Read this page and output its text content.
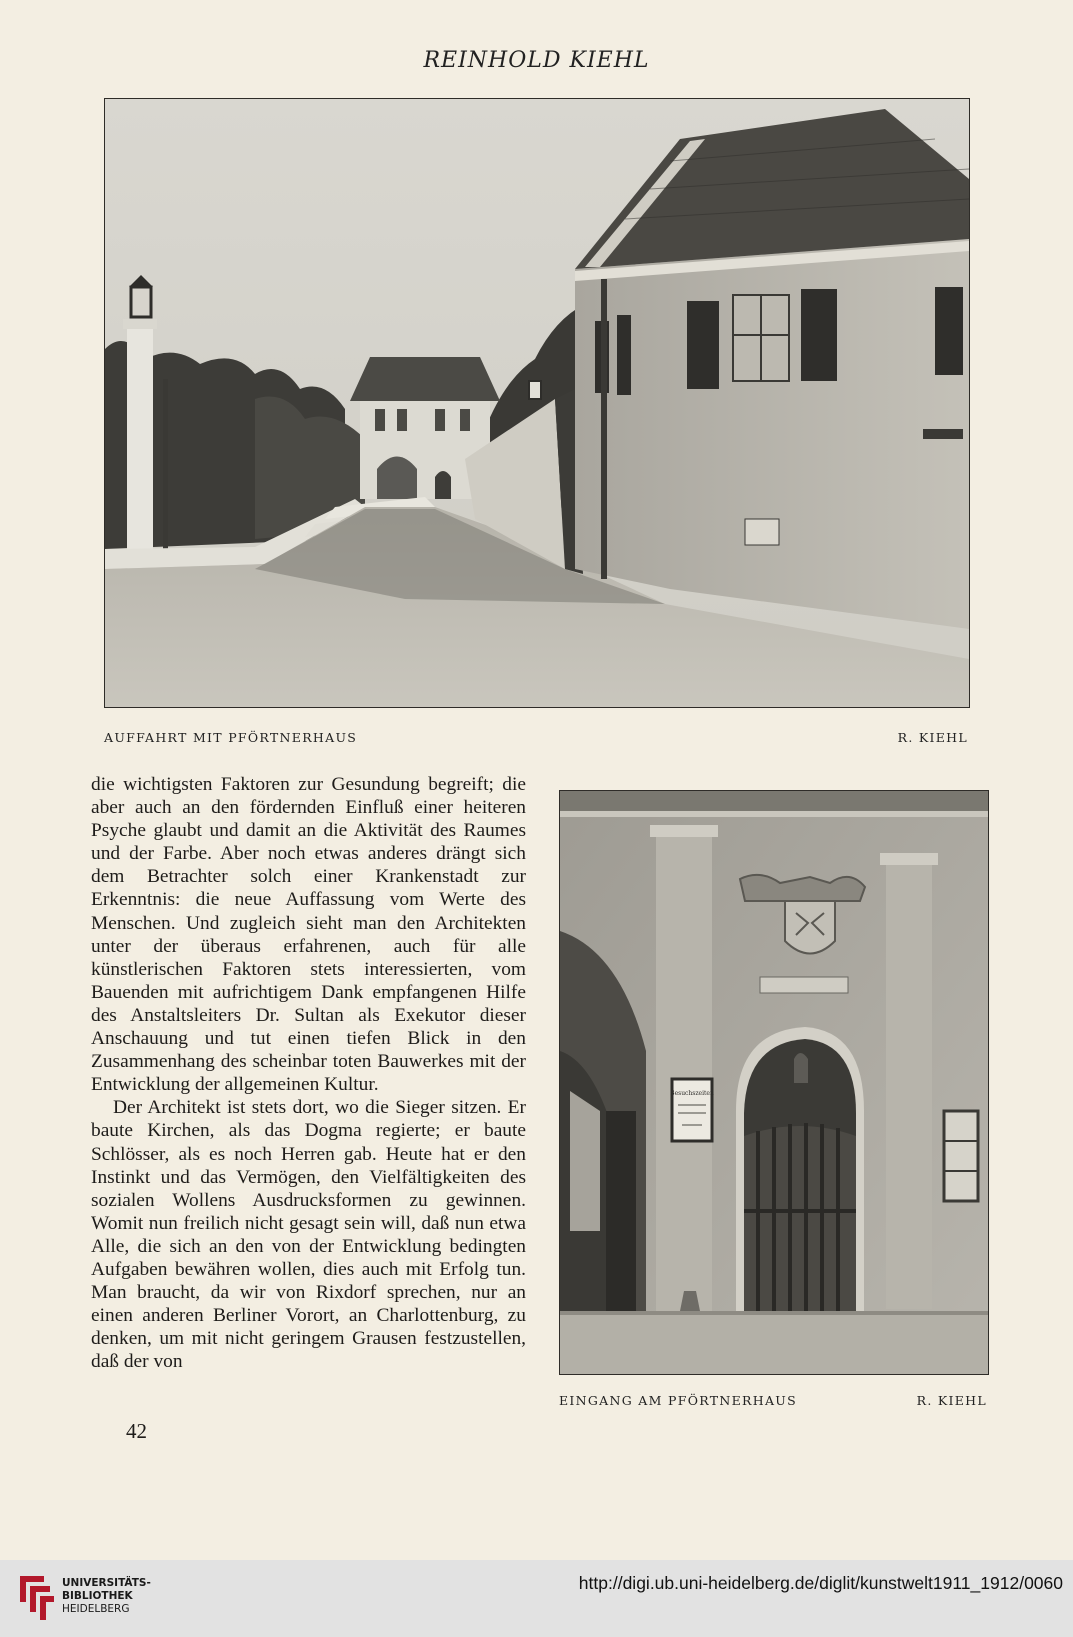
REINHOLD KIEHL
AUFFAHRT MIT PFÖRTNERHAUS	R. KIEHL

die wichtigsten Faktoren zur Gesundung begreift; die aber auch an den fördernden Einfluß einer heiteren Psyche glaubt und damit an die Aktivität des Raumes und der Farbe. Aber noch etwas anderes drängt sich dem Betrachter solch einer Krankenstadt zur Erkenntnis: die neue Auffassung vom Werte des Menschen. Und zugleich sieht man den Architekten unter der überaus erfahrenen, auch für alle künstlerischen Faktoren stets interessierten, vom Bauenden mit aufrichtigem Dank empfangenen Hilfe des Anstaltsleiters Dr. Sultan als Exekutor dieser Anschauung und tut einen tiefen Blick in den Zusammenhang des scheinbar toten Bauwerkes mit der Entwicklung der allgemeinen Kultur.

Der Architekt ist stets dort, wo die Sieger sitzen. Er baute Kirchen, als das Dogma regierte; er baute Schlösser, als es noch Herren gab. Heute hat er den Instinkt und das Vermögen, den Vielfältigkeiten des sozialen Wollens Ausdrucksformen zu gewinnen. Womit nun freilich nicht gesagt sein will, daß nun etwa Alle, die sich an den von der Entwicklung bedingten Aufgaben bewähren wollen, dies auch mit Erfolg tun. Man braucht, da wir von Rixdorf sprechen, nur an einen anderen Berliner Vorort, an Charlottenburg, zu denken, um mit nicht geringem Grausen festzustellen, daß der von

Besuchszeiten
EINGANG AM PFÖRTNERHAUS	R. KIEHL
42
UNIVERSITÄTS-
BIBLIOTHEK
HEIDELBERG
http://digi.ub.uni-heidelberg.de/diglit/kunstwelt1911_1912/0060
